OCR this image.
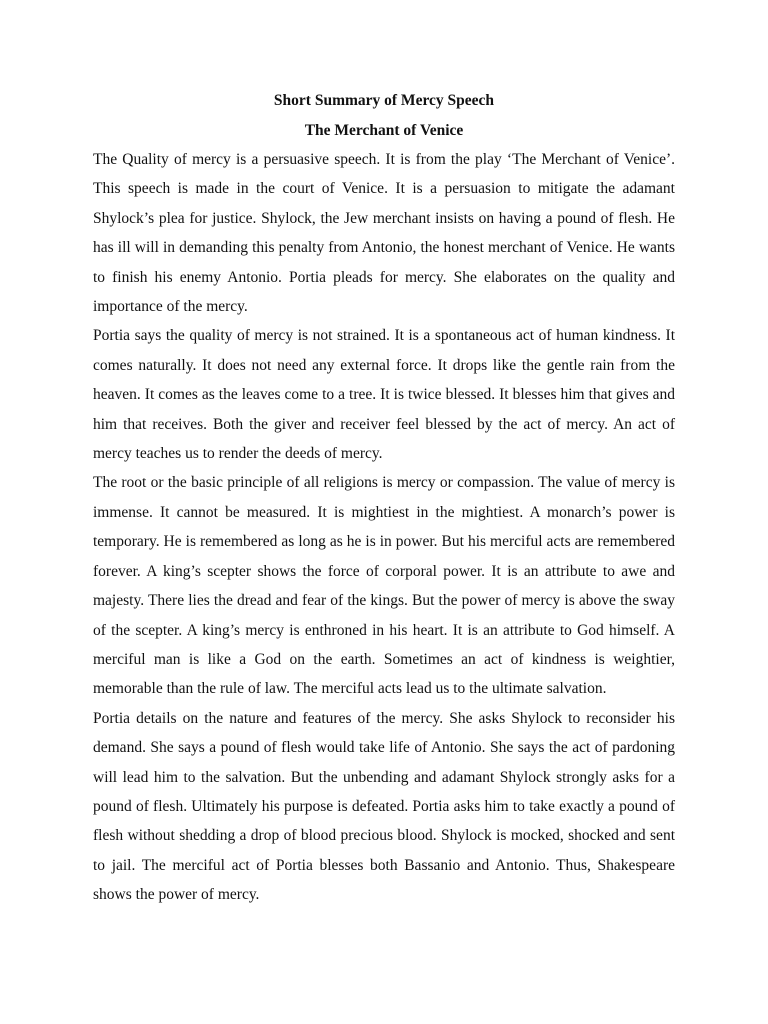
Short Summary of Mercy Speech
The Merchant of Venice

The Quality of mercy is a persuasive speech. It is from the play ‘The Merchant of Venice’. This speech is made in the court of Venice. It is a persuasion to mitigate the adamant Shylock’s plea for justice. Shylock, the Jew merchant insists on having a pound of flesh. He has ill will in demanding this penalty from Antonio, the honest merchant of Venice. He wants to finish his enemy Antonio. Portia pleads for mercy. She elaborates on the quality and importance of the mercy.

Portia says the quality of mercy is not strained. It is a spontaneous act of human kindness. It comes naturally. It does not need any external force. It drops like the gentle rain from the heaven. It comes as the leaves come to a tree. It is twice blessed. It blesses him that gives and him that receives. Both the giver and receiver feel blessed by the act of mercy. An act of mercy teaches us to render the deeds of mercy.

The root or the basic principle of all religions is mercy or compassion. The value of mercy is immense. It cannot be measured. It is mightiest in the mightiest. A monarch’s power is temporary. He is remembered as long as he is in power. But his merciful acts are remembered forever. A king’s scepter shows the force of corporal power. It is an attribute to awe and majesty. There lies the dread and fear of the kings. But the power of mercy is above the sway of the scepter. A king’s mercy is enthroned in his heart. It is an attribute to God himself. A merciful man is like a God on the earth. Sometimes an act of kindness is weightier, memorable than the rule of law. The merciful acts lead us to the ultimate salvation.

Portia details on the nature and features of the mercy. She asks Shylock to reconsider his demand. She says a pound of flesh would take life of Antonio. She says the act of pardoning will lead him to the salvation. But the unbending and adamant Shylock strongly asks for a pound of flesh. Ultimately his purpose is defeated. Portia asks him to take exactly a pound of flesh without shedding a drop of blood precious blood. Shylock is mocked, shocked and sent to jail. The merciful act of Portia blesses both Bassanio and Antonio. Thus, Shakespeare shows the power of mercy.
